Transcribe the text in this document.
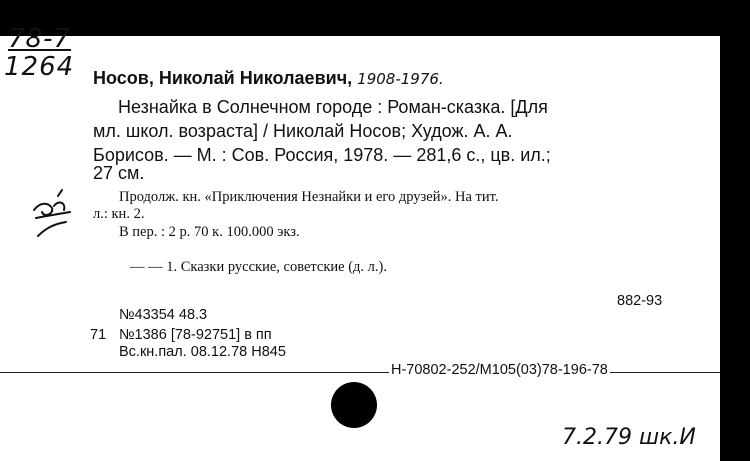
78-7
1264 Носов, Николай Николаевич, 1908-1976.
Незнайка в Солнечном городе : Роман-сказка. [Для
мл. школ. возраста] / Николай Носов; Худож. А. А.
Борисов. — М. : Сов. Россия, 1978. — 281,6 с., цв. ил.;
27 см.
Продолж. кн. «Приключения Незнайки и его друзей». На тит.
л.: кн. 2.
В пер. : 2 р. 70 к. 100.000 экз.
— — 1. Сказки русские, советские (д. л.).
882-93
№43354 48.3
71 №1386 [78-92751] в пп
Вс.кн.пал. 08.12.78 Н845
Н-70802-252/М105(03)78-196-78
7.2.79 шк.И
